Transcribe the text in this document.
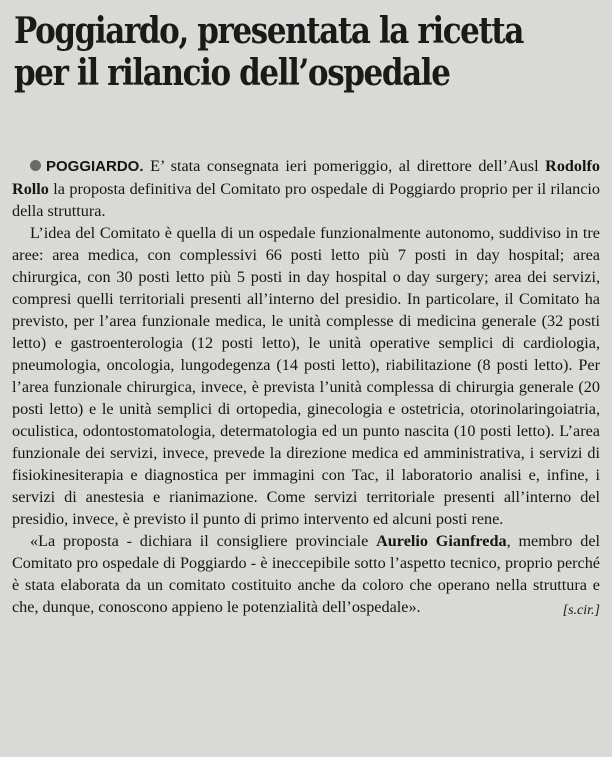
Poggiardo, presentata la ricetta
per il rilancio dell’ospedale

POGGIARDO. E’ stata consegnata ieri pomeriggio, al direttore dell’Ausl Rodolfo Rollo la proposta definitiva del Comitato pro ospedale di Poggiardo proprio per il rilancio della struttura.

L’idea del Comitato è quella di un ospedale funzionalmente autonomo, suddiviso in tre aree: area medica, con complessivi 66 posti letto più 7 posti in day hospital; area chirurgica, con 30 posti letto più 5 posti in day hospital o day surgery; area dei servizi, compresi quelli territoriali presenti all’interno del presidio. In particolare, il Comitato ha previsto, per l’area funzionale medica, le unità complesse di medicina generale (32 posti letto) e gastroenterologia (12 posti letto), le unità operative semplici di cardiologia, pneumologia, oncologia, lungodegenza (14 posti letto), riabilitazione (8 posti letto). Per l’area funzionale chirurgica, invece, è prevista l’unità complessa di chirurgia generale (20 posti letto) e le unità semplici di ortopedia, ginecologia e ostetricia, otorinolaringoiatria, oculistica, odontostomatologia, determatologia ed un punto nascita (10 posti letto). L’area funzionale dei servizi, invece, prevede la direzione medica ed amministrativa, i servizi di fisiokinesiterapia e diagnostica per immagini con Tac, il laboratorio analisi e, infine, i servizi di anestesia e rianimazione. Come servizi territoriale presenti all’interno del presidio, invece, è previsto il punto di primo intervento ed alcuni posti rene.

«La proposta - dichiara il consigliere provinciale Aurelio Gianfreda, membro del Comitato pro ospedale di Poggiardo - è ineccepibile sotto l’aspetto tecnico, proprio perché è stata elaborata da un comitato costituito anche da coloro che operano nella struttura e che, dunque, conoscono appieno le potenzialità dell’ospedale».	[s.cir.]
